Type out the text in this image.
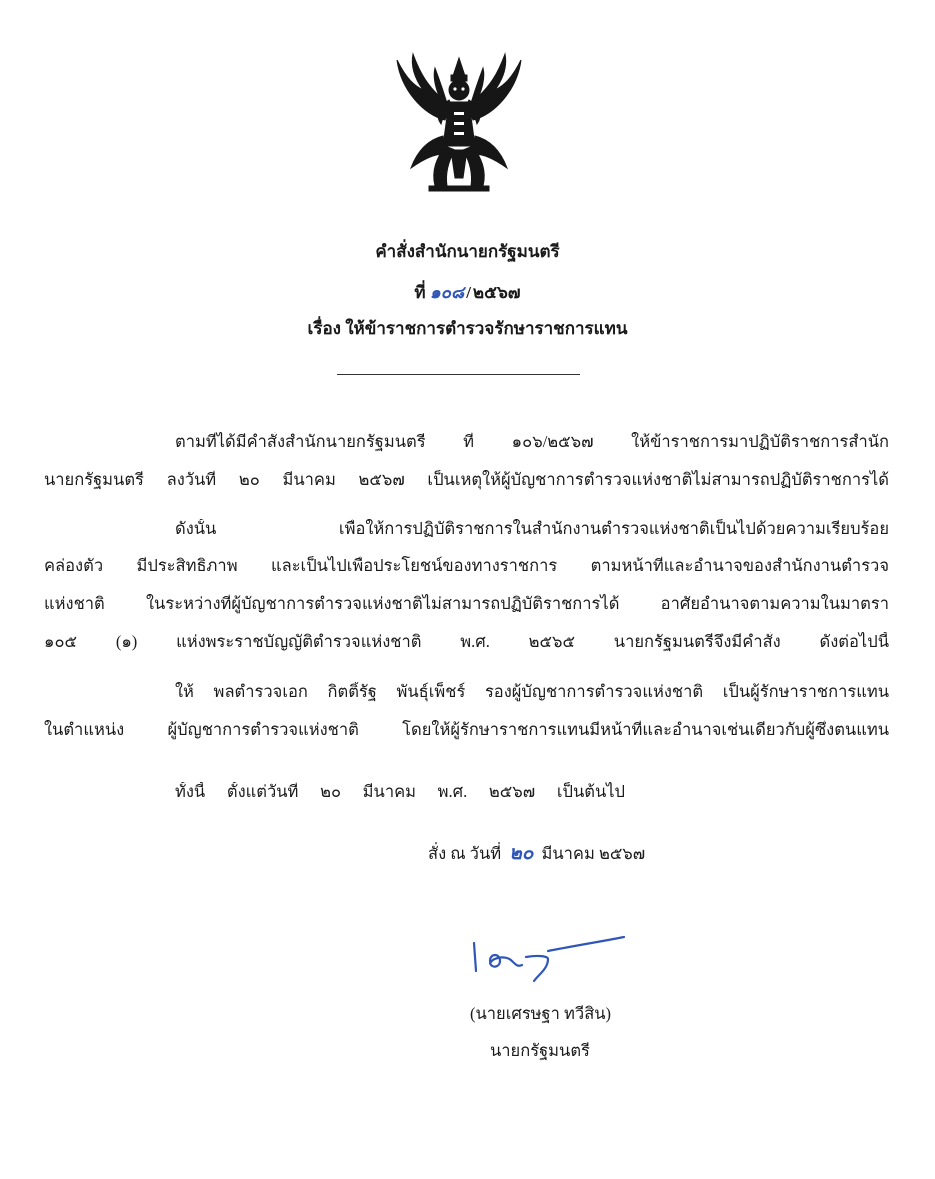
คำสั่งสำนักนายกรัฐมนตรี
ที่ ๑๐๘ / ๒๕๖๗
เรื่อง ให้ข้าราชการตำรวจรักษาราชการแทน
ตามที่ได้มีคำสั่งสำนักนายกรัฐมนตรี ที่ ๑๐๖/๒๕๖๗ ให้ข้าราชการมาปฏิบัติราชการสำนัก
นายกรัฐมนตรี ลงวันที่ ๒๐ มีนาคม ๒๕๖๗ เป็นเหตุให้ผู้บัญชาการตำรวจแห่งชาติไม่สามารถปฏิบัติราชการได้
ดังนั้น เพื่อให้การปฏิบัติราชการในสำนักงานตำรวจแห่งชาติเป็นไปด้วยความเรียบร้อย
คล่องตัว มีประสิทธิภาพ และเป็นไปเพื่อประโยชน์ของทางราชการ ตามหน้าที่และอำนาจของสำนักงานตำรวจ
แห่งชาติ ในระหว่างที่ผู้บัญชาการตำรวจแห่งชาติไม่สามารถปฏิบัติราชการได้ อาศัยอำนาจตามความในมาตรา
๑๐๕ (๑) แห่งพระราชบัญญัติตำรวจแห่งชาติ พ.ศ. ๒๕๖๕ นายกรัฐมนตรีจึงมีคำสั่ง ดังต่อไปนี้
ให้ พลตำรวจเอก กิตติ์รัฐ พันธุ์เพ็ชร์ รองผู้บัญชาการตำรวจแห่งชาติ เป็นผู้รักษาราชการแทน
ในตำแหน่ง ผู้บัญชาการตำรวจแห่งชาติ โดยให้ผู้รักษาราชการแทนมีหน้าที่และอำนาจเช่นเดียวกับผู้ซึ่งตนแทน
ทั้งนี้ ตั้งแต่วันที่ ๒๐ มีนาคม พ.ศ. ๒๕๖๗ เป็นต้นไป
สั่ง ณ วันที่ ๒๐ มีนาคม ๒๕๖๗
(นายเศรษฐา ทวีสิน)
นายกรัฐมนตรี
